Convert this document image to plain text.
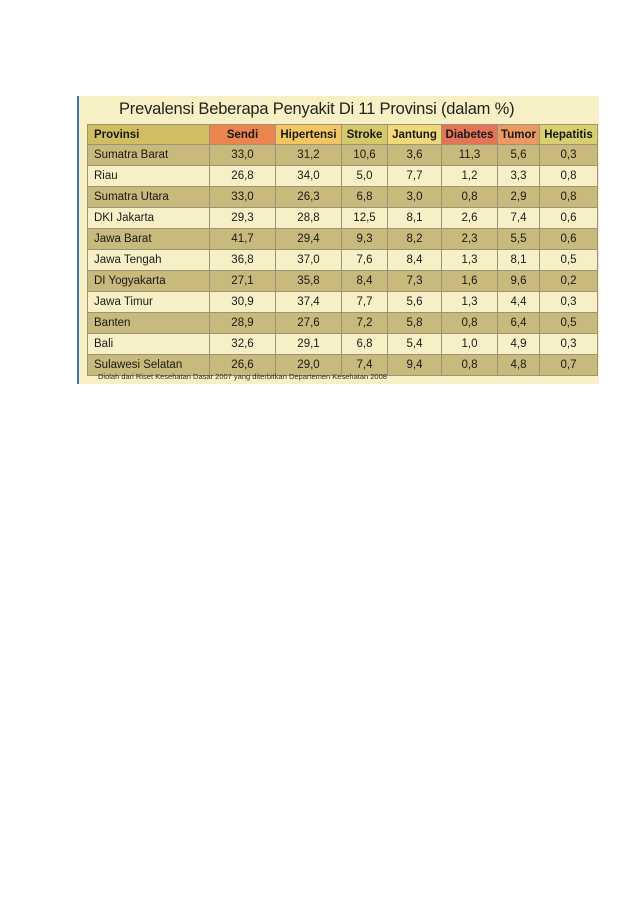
Prevalensi Beberapa Penyakit Di 11 Provinsi (dalam %)
Provinsi	Sendi	Hipertensi	Stroke	Jantung	Diabetes	Tumor	Hepatitis
Sumatra Barat	33,0	31,2	10,6	3,6	11,3	5,6	0,3
Riau	26,8	34,0	5,0	7,7	1,2	3,3	0,8
Sumatra Utara	33,0	26,3	6,8	3,0	0,8	2,9	0,8
DKI Jakarta	29,3	28,8	12,5	8,1	2,6	7,4	0,6
Jawa Barat	41,7	29,4	9,3	8,2	2,3	5,5	0,6
Jawa Tengah	36,8	37,0	7,6	8,4	1,3	8,1	0,5
DI Yogyakarta	27,1	35,8	8,4	7,3	1,6	9,6	0,2
Jawa Timur	30,9	37,4	7,7	5,6	1,3	4,4	0,3
Banten	28,9	27,6	7,2	5,8	0,8	6,4	0,5
Bali	32,6	29,1	6,8	5,4	1,0	4,9	0,3
Sulawesi Selatan	26,6	29,0	7,4	9,4	0,8	4,8	0,7
Diolah dari Riset Kesehatan Dasar 2007 yang diterbitkan Departemen Kesehatan 2008
